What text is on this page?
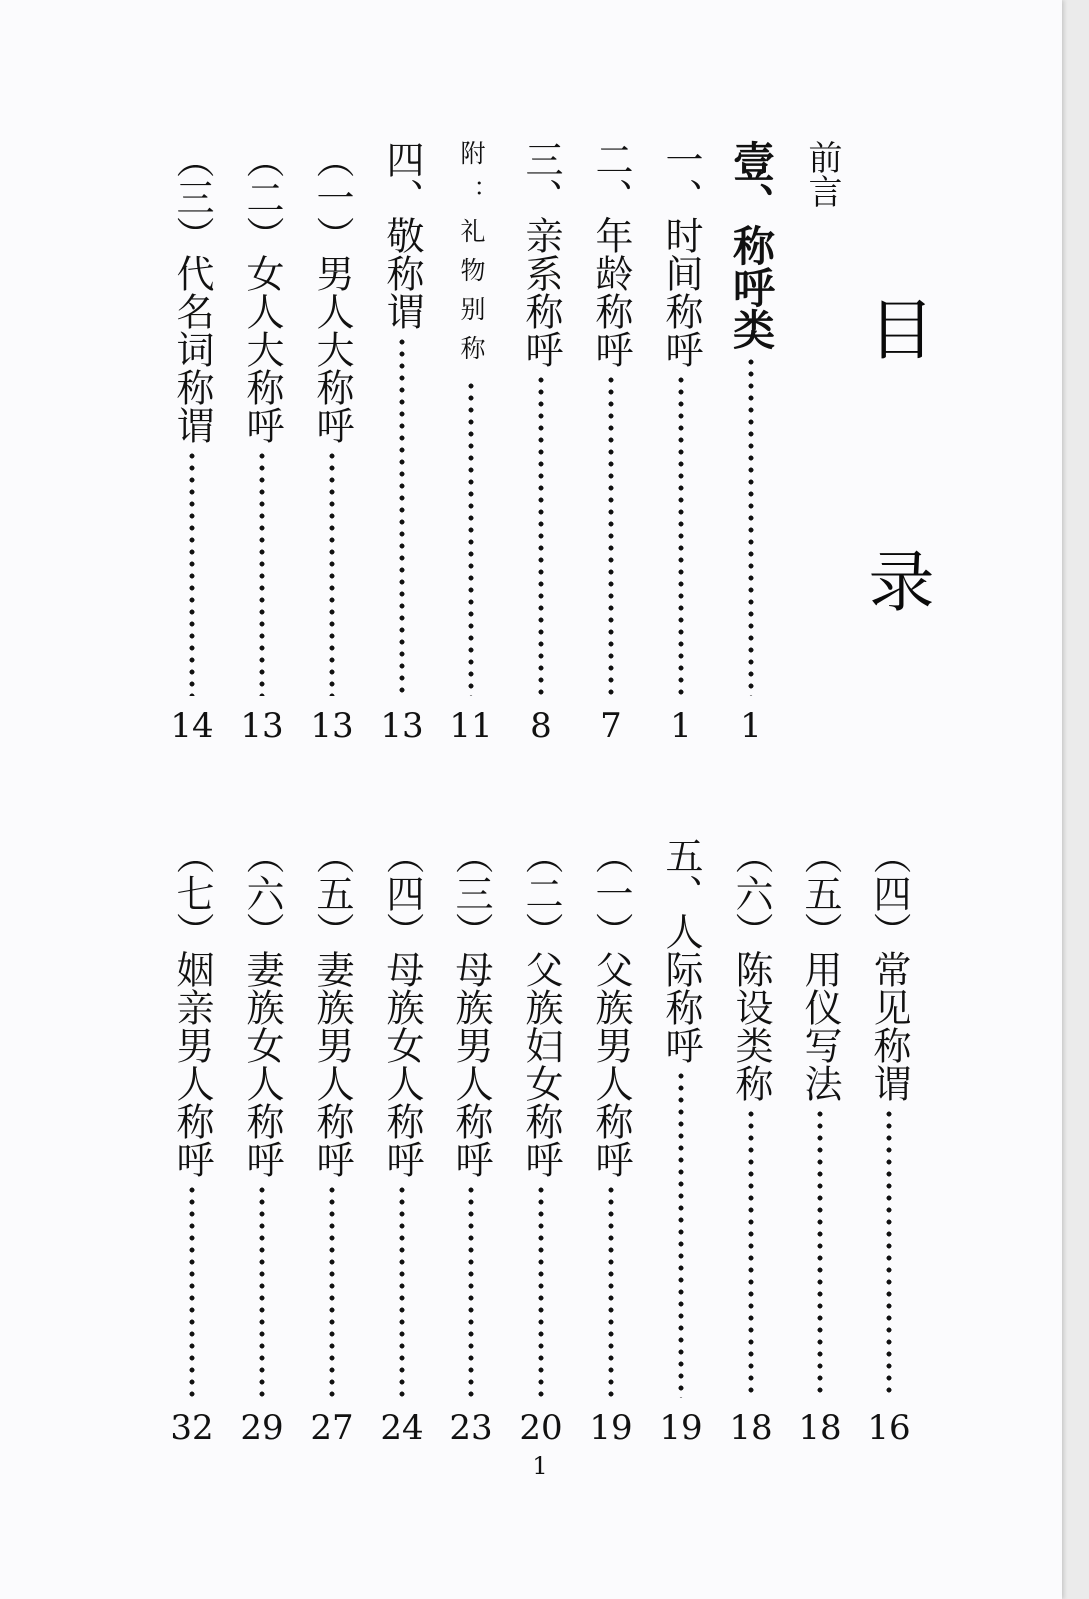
目　录
前言
壹、称呼类
1
一、时间称呼
1
二、年龄称呼
7
三、亲系称呼
8
附：礼物别称
11
四、敬称谓
13
（一）男人大称呼
13
（二）女人大称呼
13
（三）代名词称谓
14
（四）常见称谓
16
（五）用仪写法
18
（六）陈设类称
18
五、人际称呼
19
（一）父族男人称呼
19
（二）父族妇女称呼
20
（三）母族男人称呼
23
（四）母族女人称呼
24
（五）妻族男人称呼
27
（六）妻族女人称呼
29
（七）姻亲男人称呼
32
1
